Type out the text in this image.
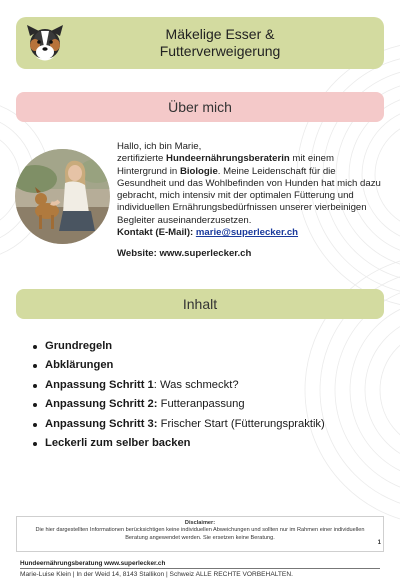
Mäkelige Esser &
Futterverweigerung
Über mich
Hallo, ich bin Marie,
zertifizierte Hundeernährungsberaterin mit einem Hintergrund in Biologie. Meine Leidenschaft für die Gesundheit und das Wohlbefinden von Hunden hat mich dazu gebracht, mich intensiv mit der optimalen Fütterung und individuellen Ernährungsbedürfnissen unserer vierbeinigen Begleiter auseinanderzusetzen.
Kontakt (E-Mail): marie@superlecker.ch
Website: www.superlecker.ch
Inhalt
Grundregeln
Abklärungen
Anpassung Schritt 1: Was schmeckt?
Anpassung Schritt 2: Futteranpassung
Anpassung Schritt 3: Frischer Start (Fütterungspraktik)
Leckerli zum selber backen
Disclaimer:
Die hier dargestellten Informationen berücksichtigen keine individuellen Abweichungen und sollten nur im Rahmen einer individuellen Beratung angewendet werden. Sie ersetzen keine Beratung.
1
Hundeernährungsberatung www.superlecker.ch
Marie-Luise Klein | In der Weid 14, 8143 Stallikon | Schweiz ALLE RECHTE VORBEHALTEN.
